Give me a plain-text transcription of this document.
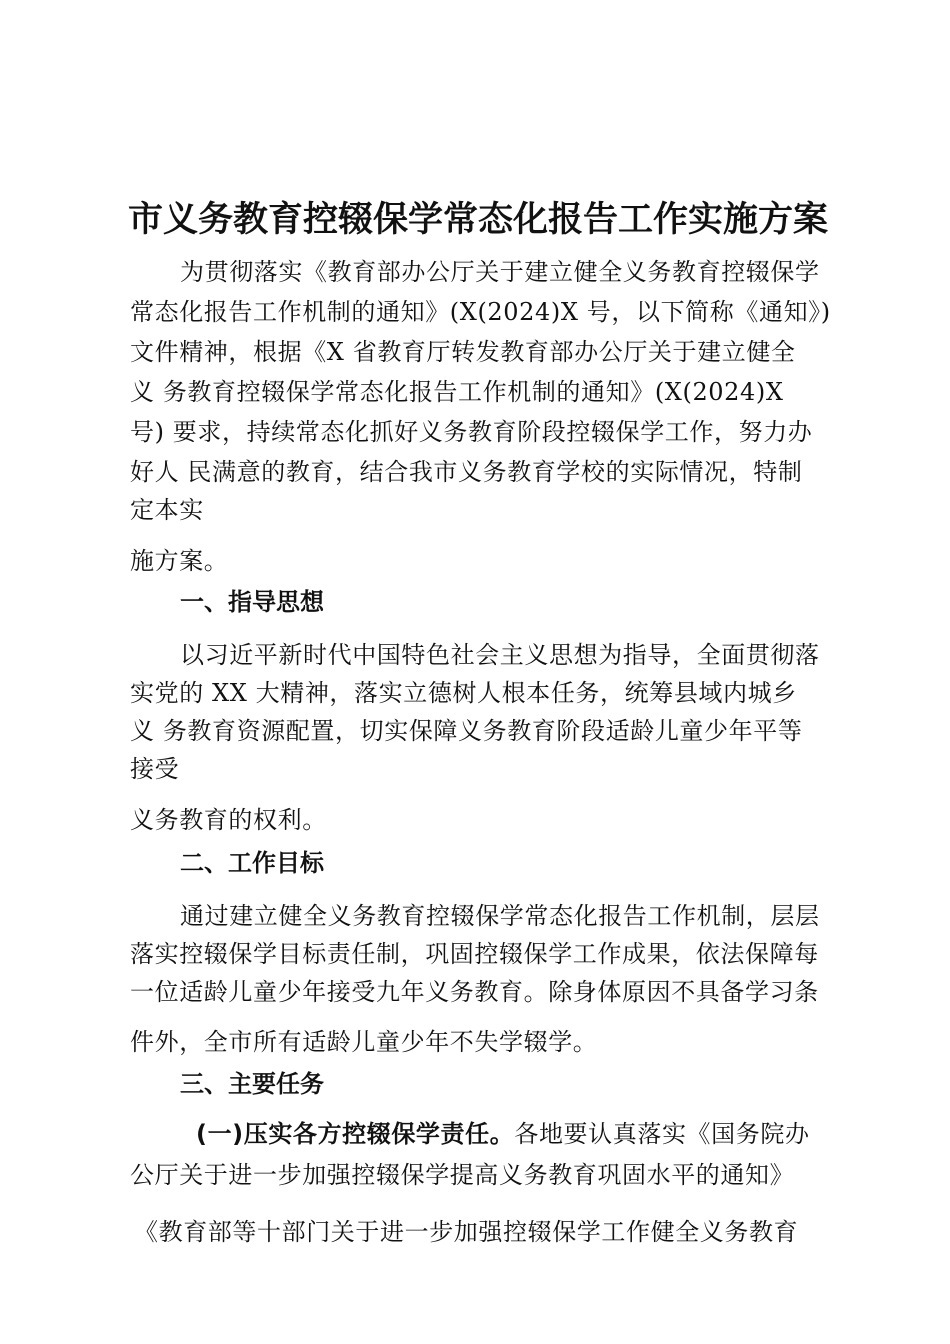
市义务教育控辍保学常态化报告工作实施方案
为贯彻落实《教育部办公厅关于建立健全义务教育控辍保学
常态化报告工作机制的通知》(X(2024)X 号，以下简称《通知》)
文件精神，根据《X 省教育厅转发教育部办公厅关于建立健全
义 务教育控辍保学常态化报告工作机制的通知》(X(2024)X
号) 要求，持续常态化抓好义务教育阶段控辍保学工作，努力办
好人 民满意的教育，结合我市义务教育学校的实际情况，特制
定本实
施方案。
一、指导思想
以习近平新时代中国特色社会主义思想为指导，全面贯彻落
实党的 XX 大精神，落实立德树人根本任务，统筹县域内城乡
义 务教育资源配置，切实保障义务教育阶段适龄儿童少年平等
接受
义务教育的权利。
二、工作目标
通过建立健全义务教育控辍保学常态化报告工作机制，层层
落实控辍保学目标责任制，巩固控辍保学工作成果，依法保障每
一位适龄儿童少年接受九年义务教育。除身体原因不具备学习条
件外，全市所有适龄儿童少年不失学辍学。
三、主要任务
(一)压实各方控辍保学责任。各地要认真落实《国务院办
公厅关于进一步加强控辍保学提高义务教育巩固水平的通知》
《教育部等十部门关于进一步加强控辍保学工作健全义务教育
